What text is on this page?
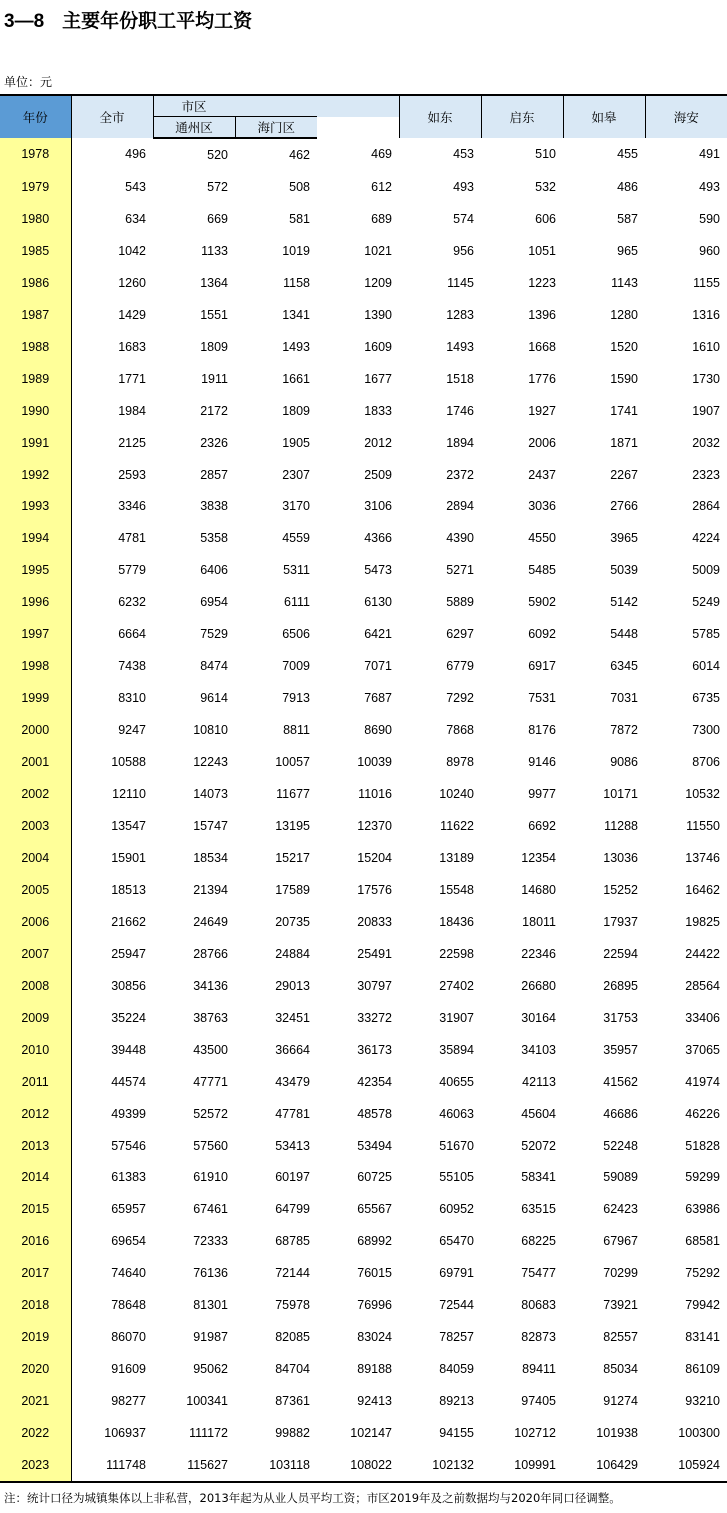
3—8 主要年份职工平均工资
单位：元
年份	全市	市区			如东	启东	如皋	海安
		通州区	海门区					
1978	496	520	462	469	453	510	455	491
1979	543	572	508	612	493	532	486	493
1980	634	669	581	689	574	606	587	590
1985	1042	1133	1019	1021	956	1051	965	960
1986	1260	1364	1158	1209	1145	1223	1143	1155
1987	1429	1551	1341	1390	1283	1396	1280	1316
1988	1683	1809	1493	1609	1493	1668	1520	1610
1989	1771	1911	1661	1677	1518	1776	1590	1730
1990	1984	2172	1809	1833	1746	1927	1741	1907
1991	2125	2326	1905	2012	1894	2006	1871	2032
1992	2593	2857	2307	2509	2372	2437	2267	2323
1993	3346	3838	3170	3106	2894	3036	2766	2864
1994	4781	5358	4559	4366	4390	4550	3965	4224
1995	5779	6406	5311	5473	5271	5485	5039	5009
1996	6232	6954	6111	6130	5889	5902	5142	5249
1997	6664	7529	6506	6421	6297	6092	5448	5785
1998	7438	8474	7009	7071	6779	6917	6345	6014
1999	8310	9614	7913	7687	7292	7531	7031	6735
2000	9247	10810	8811	8690	7868	8176	7872	7300
2001	10588	12243	10057	10039	8978	9146	9086	8706
2002	12110	14073	11677	11016	10240	9977	10171	10532
2003	13547	15747	13195	12370	11622	6692	11288	11550
2004	15901	18534	15217	15204	13189	12354	13036	13746
2005	18513	21394	17589	17576	15548	14680	15252	16462
2006	21662	24649	20735	20833	18436	18011	17937	19825
2007	25947	28766	24884	25491	22598	22346	22594	24422
2008	30856	34136	29013	30797	27402	26680	26895	28564
2009	35224	38763	32451	33272	31907	30164	31753	33406
2010	39448	43500	36664	36173	35894	34103	35957	37065
2011	44574	47771	43479	42354	40655	42113	41562	41974
2012	49399	52572	47781	48578	46063	45604	46686	46226
2013	57546	57560	53413	53494	51670	52072	52248	51828
2014	61383	61910	60197	60725	55105	58341	59089	59299
2015	65957	67461	64799	65567	60952	63515	62423	63986
2016	69654	72333	68785	68992	65470	68225	67967	68581
2017	74640	76136	72144	76015	69791	75477	70299	75292
2018	78648	81301	75978	76996	72544	80683	73921	79942
2019	86070	91987	82085	83024	78257	82873	82557	83141
2020	91609	95062	84704	89188	84059	89411	85034	86109
2021	98277	100341	87361	92413	89213	97405	91274	93210
2022	106937	111172	99882	102147	94155	102712	101938	100300
2023	111748	115627	103118	108022	102132	109991	106429	105924
注：统计口径为城镇集体以上非私营，2013年起为从业人员平均工资；市区2019年及之前数据均与2020年同口径调整。
